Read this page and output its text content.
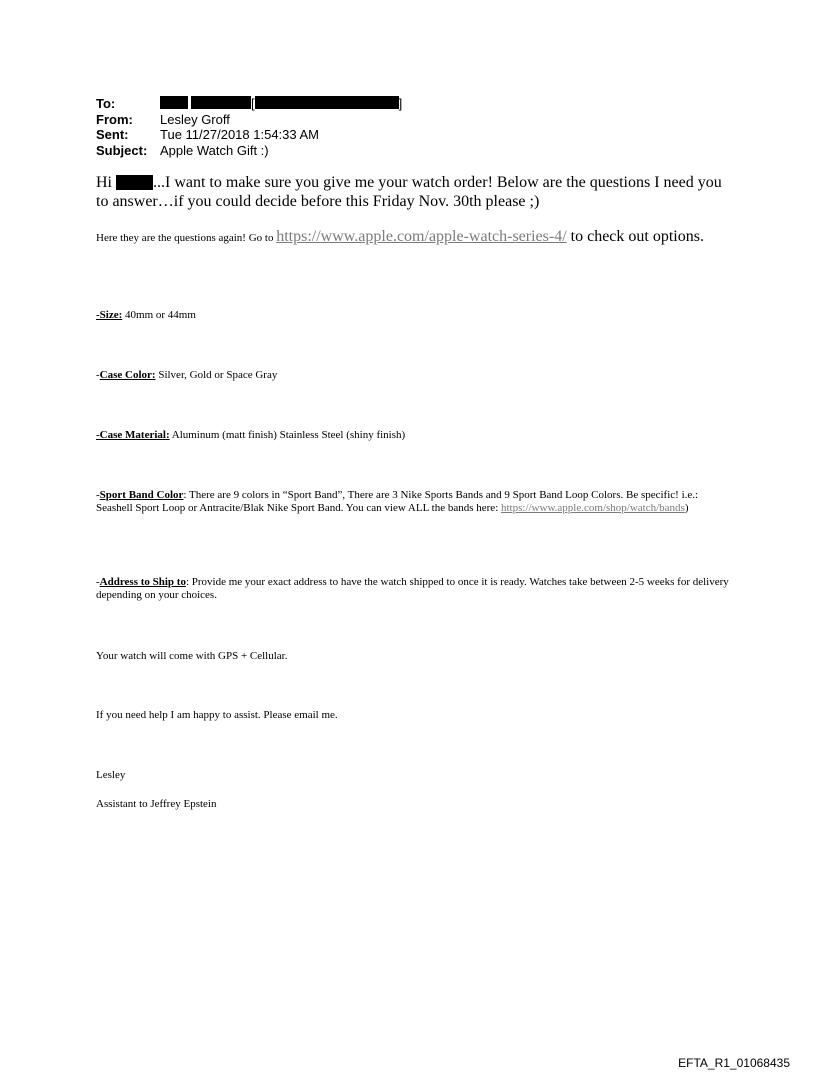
To:	[	]
From:	Lesley Groff
Sent:	Tue 11/27/2018 1:54:33 AM
Subject: Apple Watch Gift :)

Hi	...I want to make sure you give me your watch order! Below are the questions I need you to answer…if you could decide before this Friday Nov. 30th please ;)

Here they are the questions again! Go to https://www.apple.com/apple-watch-series-4/ to check out options.

-Size: 40mm or 44mm

-Case Color: Silver, Gold or Space Gray

-Case Material: Aluminum (matt finish) Stainless Steel (shiny finish)

-Sport Band Color: There are 9 colors in “Sport Band”, There are 3 Nike Sports Bands and 9 Sport Band Loop Colors. Be specific! i.e.: Seashell Sport Loop or Antracite/Blak Nike Sport Band. You can view ALL the bands here: https://www.apple.com/shop/watch/bands)

-Address to Ship to: Provide me your exact address to have the watch shipped to once it is ready. Watches take between 2-5 weeks for delivery depending on your choices.

Your watch will come with GPS + Cellular.

If you need help I am happy to assist. Please email me.

Lesley

Assistant to Jeffrey Epstein

EFTA_R1_01068435
